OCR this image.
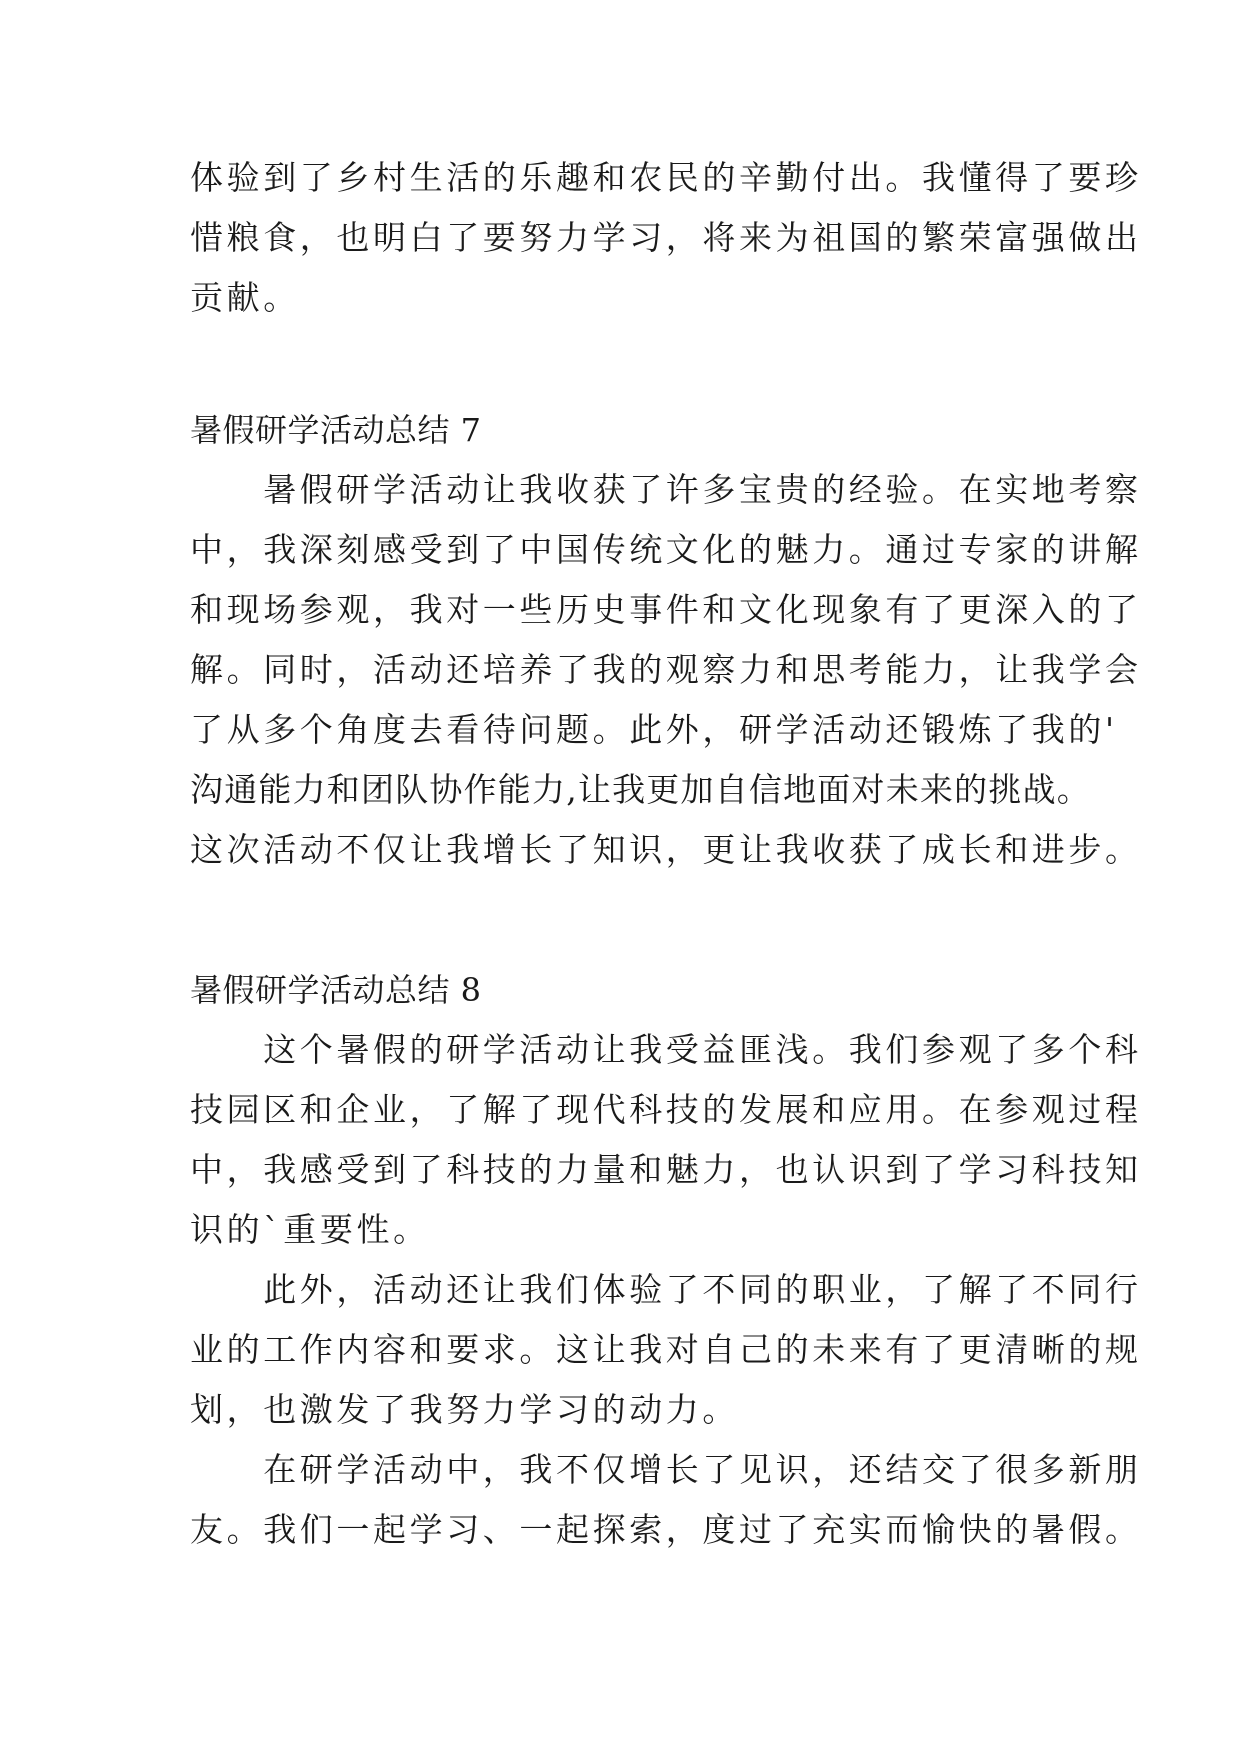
体验到了乡村生活的乐趣和农民的辛勤付出。我懂得了要珍
惜粮食，也明白了要努力学习，将来为祖国的繁荣富强做出
贡献。
暑假研学活动总结 7
　　暑假研学活动让我收获了许多宝贵的经验。在实地考察
中，我深刻感受到了中国传统文化的魅力。通过专家的讲解
和现场参观，我对一些历史事件和文化现象有了更深入的了
解。同时，活动还培养了我的观察力和思考能力，让我学会
了从多个角度去看待问题。此外，研学活动还锻炼了我的'
沟通能力和团队协作能力,让我更加自信地面对未来的挑战。
这次活动不仅让我增长了知识，更让我收获了成长和进步。
暑假研学活动总结 8
　　这个暑假的研学活动让我受益匪浅。我们参观了多个科
技园区和企业，了解了现代科技的发展和应用。在参观过程
中，我感受到了科技的力量和魅力，也认识到了学习科技知
识的`重要性。
　　此外，活动还让我们体验了不同的职业，了解了不同行
业的工作内容和要求。这让我对自己的未来有了更清晰的规
划，也激发了我努力学习的动力。
　　在研学活动中，我不仅增长了见识，还结交了很多新朋
友。我们一起学习、一起探索，度过了充实而愉快的暑假。
